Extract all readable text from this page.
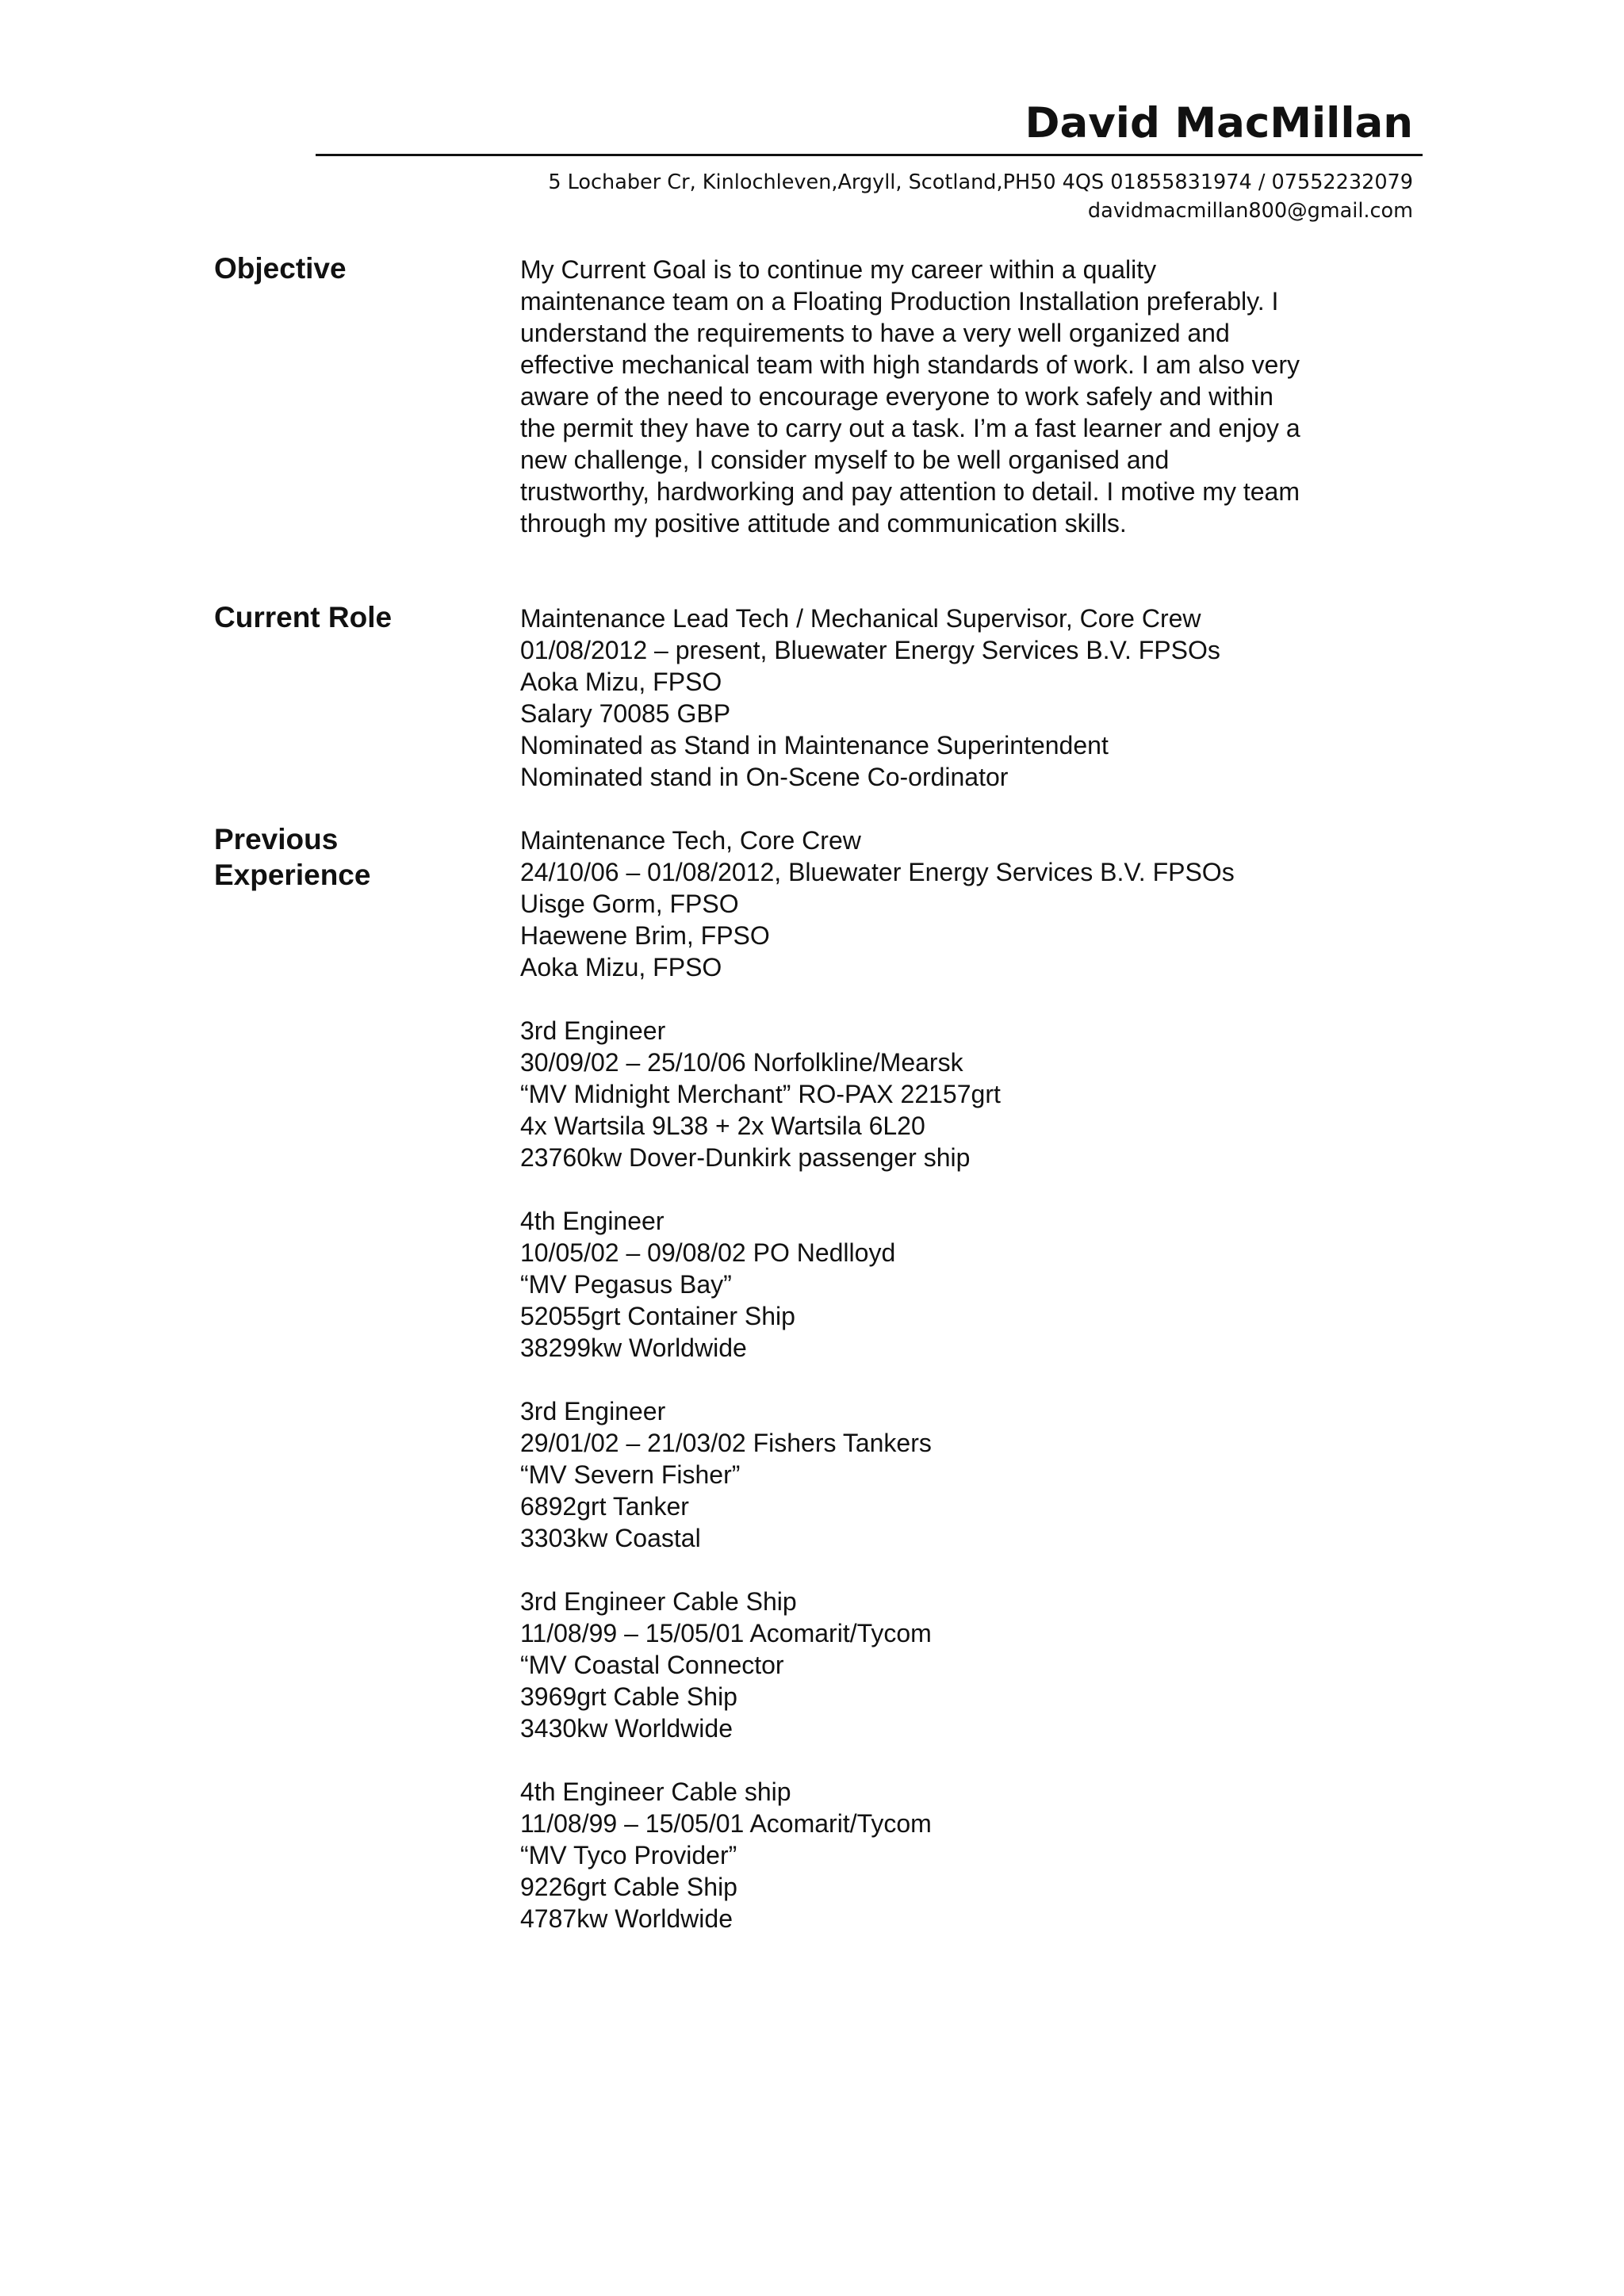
David MacMillan
5 Lochaber Cr, Kinlochleven,Argyll, Scotland,PH50 4QS 01855831974 / 07552232079
davidmacmillan800@gmail.com
Objective	My Current Goal is to continue my career within a quality
maintenance team on a Floating Production Installation preferably. I
understand the requirements to have a very well organized and
effective mechanical team with high standards of work. I am also very
aware of the need to encourage everyone to work safely and within
the permit they have to carry out a task. I’m a fast learner and enjoy a
new challenge, I consider myself to be well organised and
trustworthy, hardworking and pay attention to detail. I motive my team
through my positive attitude and communication skills.
Current Role	Maintenance Lead Tech / Mechanical Supervisor, Core Crew
01/08/2012 – present, Bluewater Energy Services B.V. FPSOs
Aoka Mizu, FPSO
Salary 70085 GBP
Nominated as Stand in Maintenance Superintendent
Nominated stand in On-Scene Co-ordinator
Previous
Experience
Maintenance Tech, Core Crew
24/10/06 – 01/08/2012, Bluewater Energy Services B.V. FPSOs
Uisge Gorm, FPSO
Haewene Brim, FPSO
Aoka Mizu, FPSO
3rd Engineer
30/09/02 – 25/10/06 Norfolkline/Mearsk
“MV Midnight Merchant” RO-PAX 22157grt
4x Wartsila 9L38 + 2x Wartsila 6L20
23760kw Dover-Dunkirk passenger ship
4th Engineer
10/05/02 – 09/08/02 PO Nedlloyd
“MV Pegasus Bay”
52055grt Container Ship
38299kw Worldwide
3rd Engineer
29/01/02 – 21/03/02 Fishers Tankers
“MV Severn Fisher”
6892grt Tanker
3303kw Coastal
3rd Engineer Cable Ship
11/08/99 – 15/05/01 Acomarit/Tycom
“MV Coastal Connector
3969grt Cable Ship
3430kw Worldwide
4th Engineer Cable ship
11/08/99 – 15/05/01 Acomarit/Tycom
“MV Tyco Provider”
9226grt Cable Ship
4787kw Worldwide
